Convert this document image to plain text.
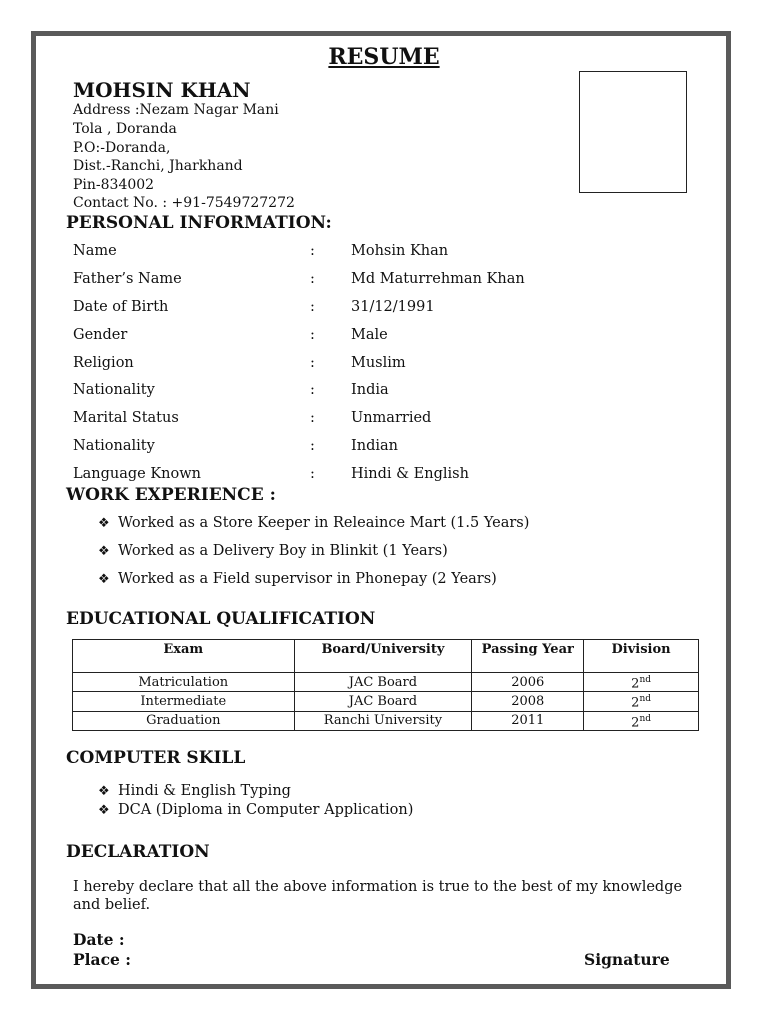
RESUME
MOHSIN KHAN
Address :Nezam Nagar Mani
Tola , Doranda
P.O:-Doranda,
Dist.-Ranchi, Jharkhand
Pin-834002
Contact No. : +91-7549727272
PERSONAL INFORMATION:
Name	: Mohsin Khan
Father’s Name	: Md Maturrehman Khan
Date of Birth	: 31/12/1991
Gender	: Male
Religion	: Muslim
Nationality	: India
Marital Status	: Unmarried
Nationality	: Indian
Language Known	: Hindi & English
WORK EXPERIENCE :
❖ Worked as a Store Keeper in Releaince Mart (1.5 Years)
❖ Worked as a Delivery Boy in Blinkit (1 Years)
❖ Worked as a Field supervisor in Phonepay (2 Years)
EDUCATIONAL QUALIFICATION
Exam	Board/University	Passing Year	Division
Matriculation	JAC Board	2006	2nd
Intermediate	JAC Board	2008	2nd
Graduation	Ranchi University	2011	2nd
COMPUTER SKILL
❖ Hindi & English Typing
❖ DCA (Diploma in Computer Application)
DECLARATION
I hereby declare that all the above information is true to the best of my knowledge and belief.
Date :
Place :	Signature
